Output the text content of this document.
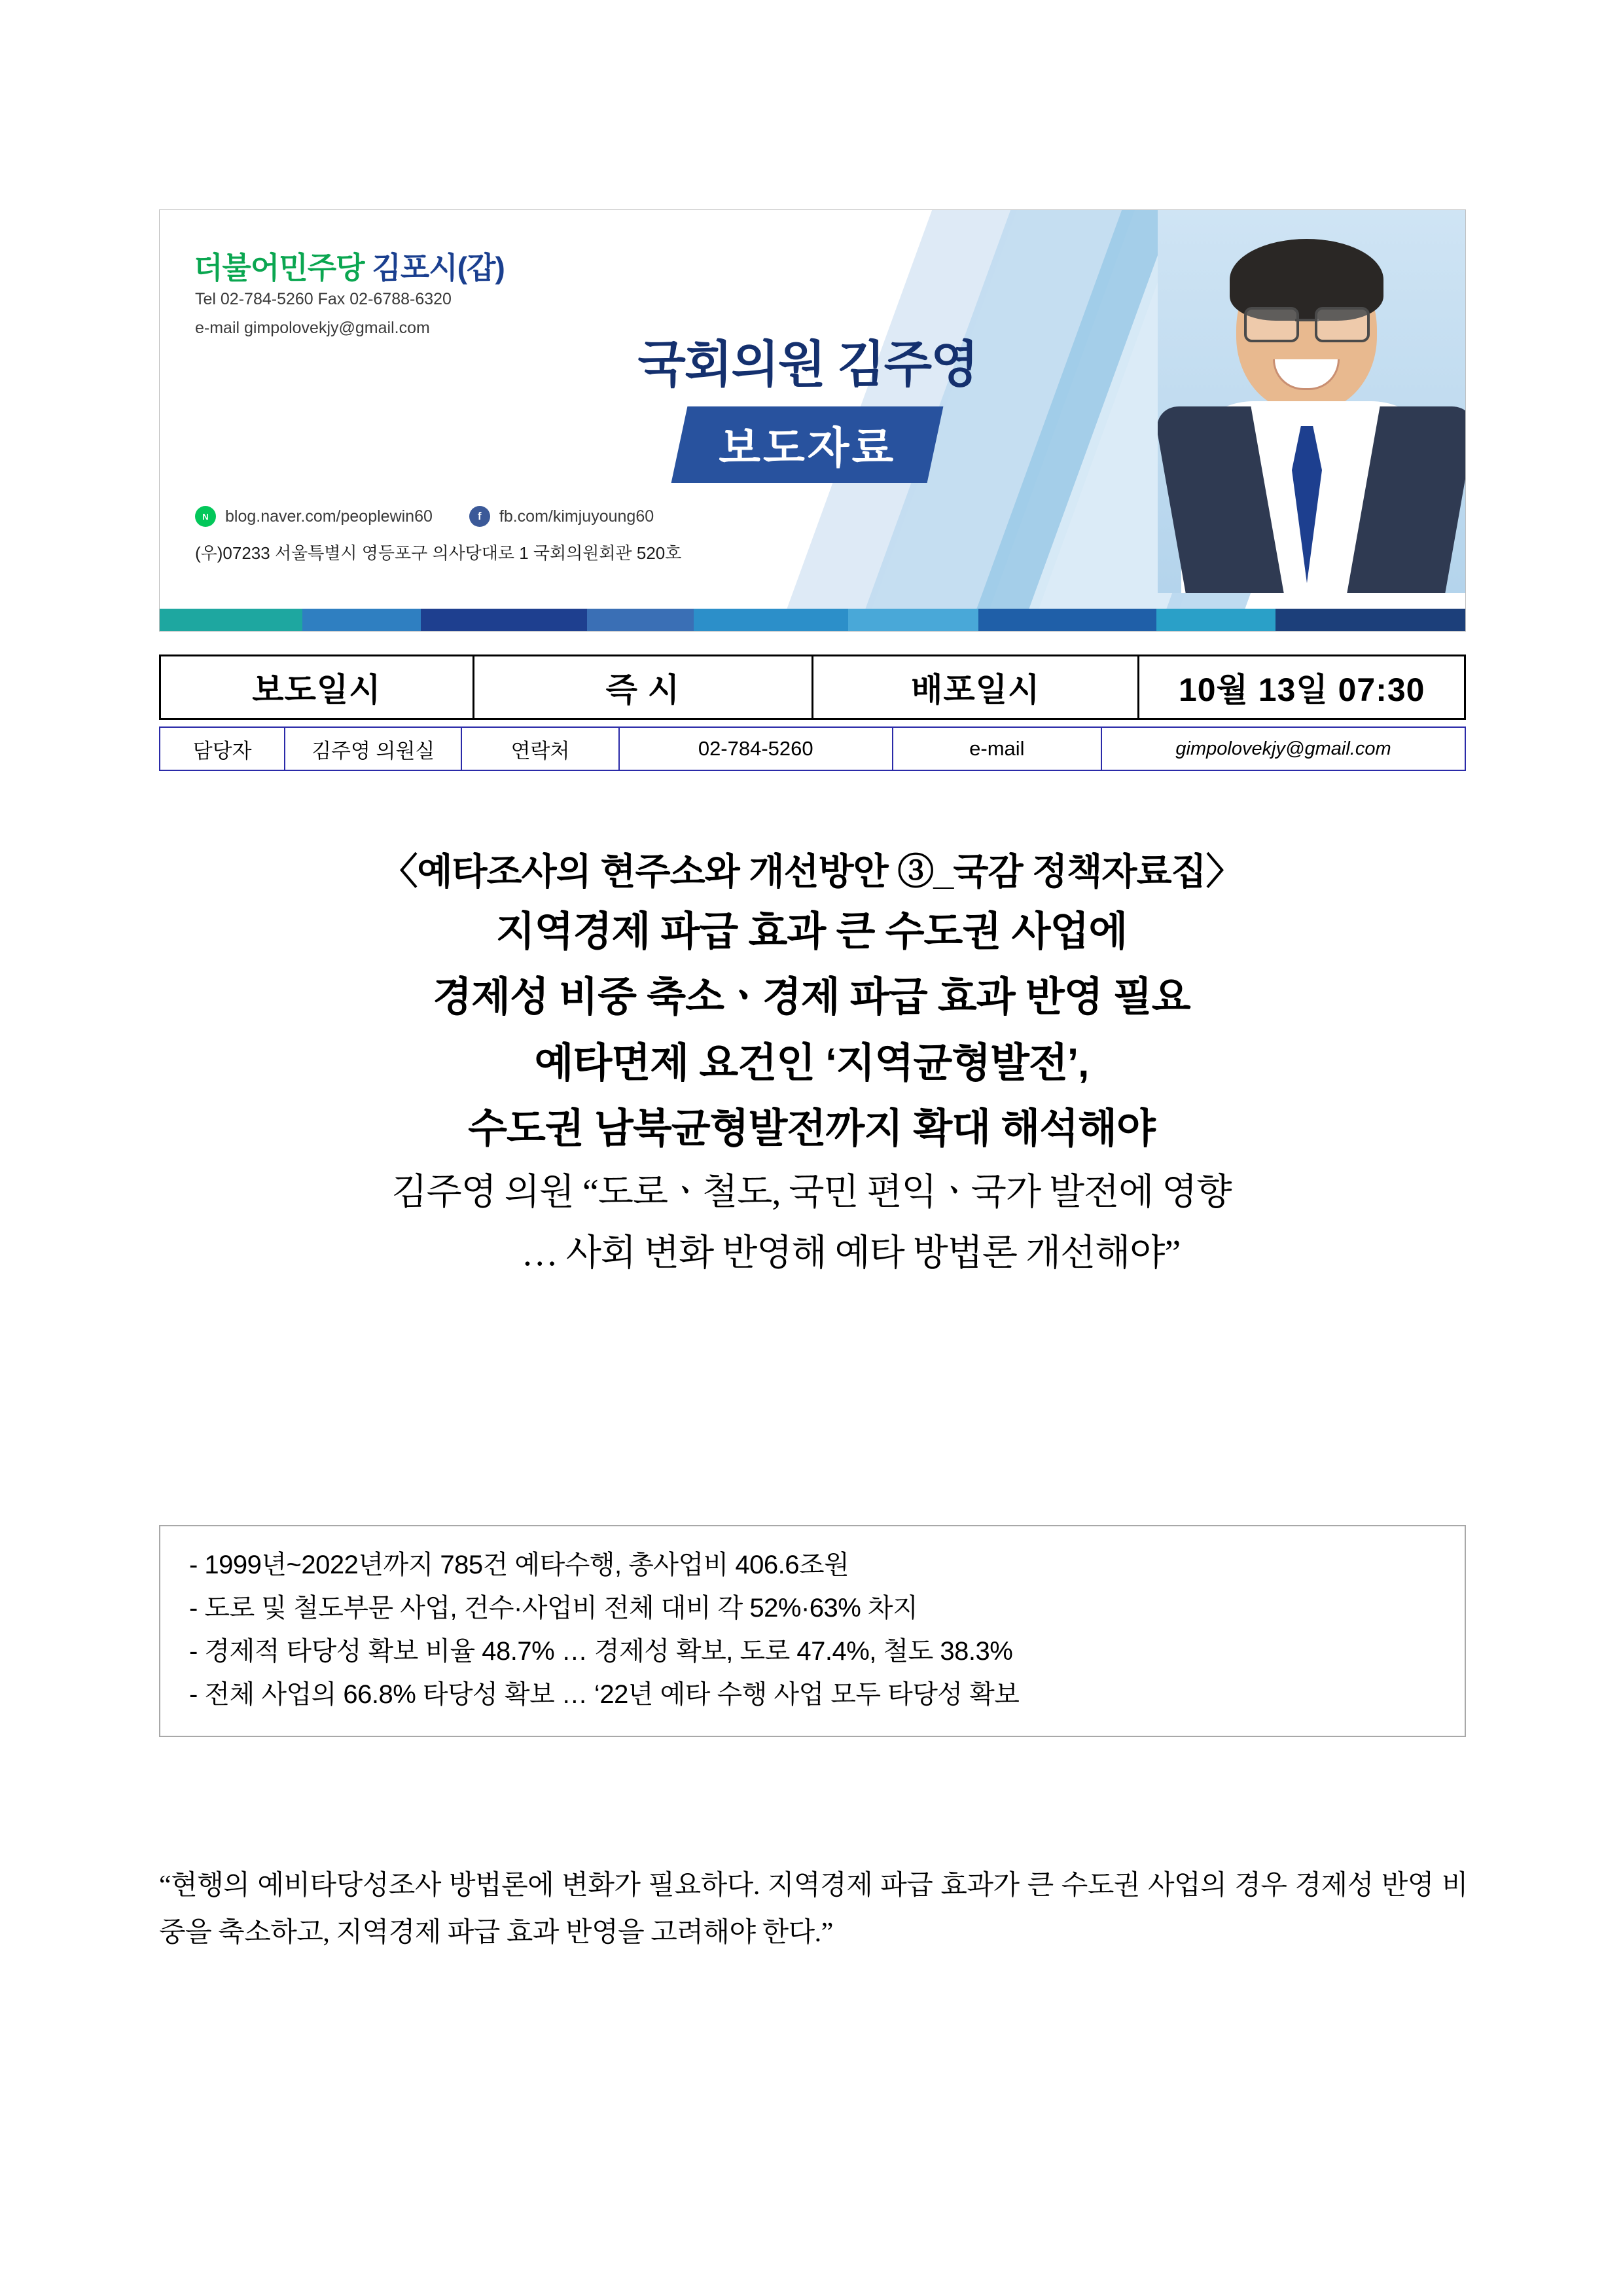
더불어민주당 김포시(갑)
Tel 02-784-5260 Fax 02-6788-6320
e-mail gimpolovekjy@gmail.com
국회의원 김주영
보도자료
N	blog.naver.com/peoplewin60	f	fb.com/kimjuyoung60
(우)07233 서울특별시 영등포구 의사당대로 1 국회의원회관 520호
보도일시	즉 시	배포일시	10월 13일 07:30
담당자	김주영 의원실	연락처	02-784-5260	e-mail	gimpolovekjy@gmail.com
〈예타조사의 현주소와 개선방안 ③_국감 정책자료집〉
지역경제 파급 효과 큰 수도권 사업에
경제성 비중 축소ㆍ경제 파급 효과 반영 필요
예타면제 요건인 ‘지역균형발전’,
수도권 남북균형발전까지 확대 해석해야
김주영 의원 “도로ㆍ철도, 국민 편익ㆍ국가 발전에 영향
… 사회 변화 반영해 예타 방법론 개선해야”
- 1999년~2022년까지 785건 예타수행, 총사업비 406.6조원
- 도로 및 철도부문 사업, 건수·사업비 전체 대비 각 52%·63% 차지
- 경제적 타당성 확보 비율 48.7% … 경제성 확보, 도로 47.4%, 철도 38.3%
- 전체 사업의 66.8% 타당성 확보 … ‘22년 예타 수행 사업 모두 타당성 확보
“현행의 예비타당성조사 방법론에 변화가 필요하다. 지역경제 파급 효과가 큰 수도권 사업의 경우 경제성 반영 비중을 축소하고, 지역경제 파급 효과 반영을 고려해야 한다.”
